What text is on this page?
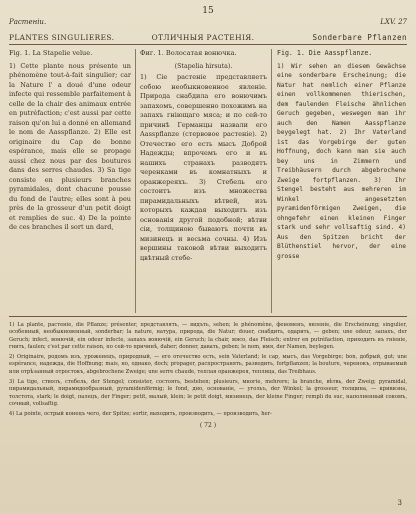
15
Растеніи.	LXV. 27
PLANTES SINGULIERES.	ОТЛИЧНЫЯ РАСТЕНІЯ.	Sonderbare Pflanzen
Fig. 1. La Stapelie velue.

1) Cette plante nous présente un phénomène tout-à-fait singulier; car la Nature l' a doué d'une odeur infecte qui ressemble parfaitement à celle de la chair des animaux entrée en putréfaction; c'est aussi par cette raison qu'on lui a donné en allemand le nom de Aasspflanze. 2) Elle est originaire du Cap de bonne espérance, mais elle se propage aussi chez nous par des boutures dans des serres chaudes. 3) Sa tige consiste en plusieurs branches pyramidales, dont chacune pousse du fond de l'autre; elles sont à peu près de la grosseur d'un petit doigt et remplies de suc. 4) De la pointe de ces branches il sort un dard,

Фиг. 1. Волосатая вонючка.
(Stapelia hirsuta).

1) Сіе растеніе представляетъ собою необыкновенное явленіе. Природа снабдила его вонючимъ запахомъ, совершенно похожимъ на запахъ гніющаго мяса; и по сей-то причинѣ Германцы назвали его Aasspflanze (стервовое растеніе). 2) Отечество его есть мысъ Доброй Надежды; впрочемъ его и въ нашихъ странахъ разводятъ черенками въ комнатныхъ и оранжереяхъ. 3) Стебель его состоитъ изъ множества пирамидальныхъ вѣтвей, изъ которыхъ каждая выходитъ изъ основанія другой подобной; вѣтви сіи, толщиною бываютъ почти въ мизинецъ и весьма сочны. 4) Изъ вершины таковой вѣтви выходитъ цвѣтный стебе-

Fig. 1. Die Aasspflanze.

1) Wir sehen an diesem Gewächse eine sonderbare Erscheinung; die Natur hat nemlich einer Pflanze einen vollkommenen thierischen, dem faulenden Fleische ähnlichen Geruch gegeben, weswegen man ihr auch den Namen Aasspflanze beygelegt hat. 2) Ihr Vaterland ist das Vorgebirge der guten Hoffnung, doch kann man sie auch bey uns in Zimmern und Treibhäusern durch abgebrochene Zweige fortpflanzen. 3) Ihr Stengel besteht aus mehreren im Winkel angesetzten pyramidenförmigen Zweigen, die ohngefehr einen kleinen Finger stark und sehr vollsaftig sind. 4) Aus den Spitzen bricht der Blüthenstiel hervor, der eine grosse

1) La plante, растеніе, die Pflanze; présenter, представлять, — видъть, sehen; le phénomène, феноменъ, явленіе, die Erscheinung; singulier, особенный, необыкновенный, sonderbar; la nature, натура, природа, die Natur; douer, снабдить, одарить, — geben; une odeur, запахъ, der Geruch; infect, вонючій, ein odeur infecte, запахъ вонючій, ein Geruch; la chair, мясо, das Fleisch; entrer en putréfaction, приходить въ гніеніе, гнить, faulen; c'est par cette raison, по сей-то причинѣ, daher; donner, давать, geben; le nom, имя, der Namen, beylegen.
2) Originaire, родомъ изъ, уроженецъ, природный, — его отечество есть, sein Vaterland; le cap, мысъ, das Vorgebirge; bon, добрый, gut; une espérance, надежда, die Hoffnung; mais, но, однако, doch; propager, распространять, разводить, fortpflanzen; la bouture, черенокъ, отрываемый или отрѣзанный отростокъ, abgebrochene Zweige; une serre chaude, теплая оранжерея, теплица, das Treibhaus.
3) La tige, стволъ, стебель, der Stengel; consister, состоять, bestehen; plusieurs, многіе, mehrere; la branche, вѣтвь, der Zweig; pyramidal, пирамидальный, пирамидообразный, pyramidenförmig; le fond, дно, основаніе, — угольъ, der Winkel; la grosseur, толщина, — кривизна, толстота, stark; le doigt, палецъ, der Finger; petit, малый, klein; le petit doigt, мизинецъ, der kleine Finger; rempli du suc, наполненный сокомъ, сочный, vollsaftig.
4) La pointe, острый конецъ чего, der Spitze; sortir, выходить, производить, — производить, her-
( 72 )
3
